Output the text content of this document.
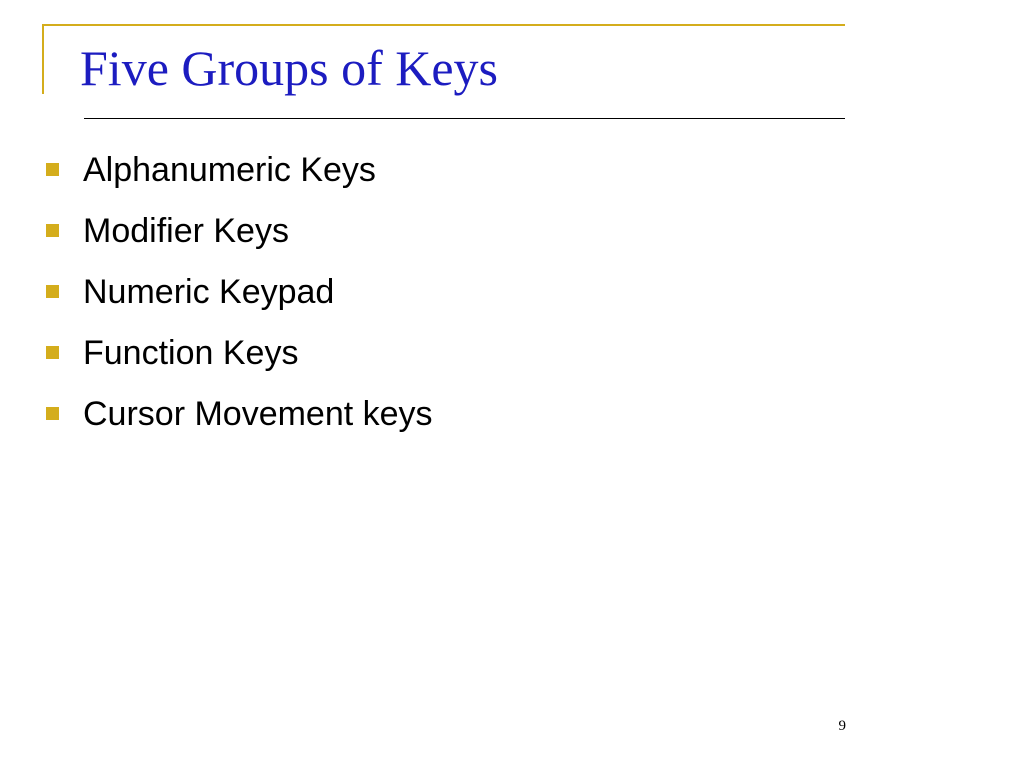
Five Groups of Keys
Alphanumeric Keys
Modifier Keys
Numeric Keypad
Function Keys
Cursor Movement keys
9
